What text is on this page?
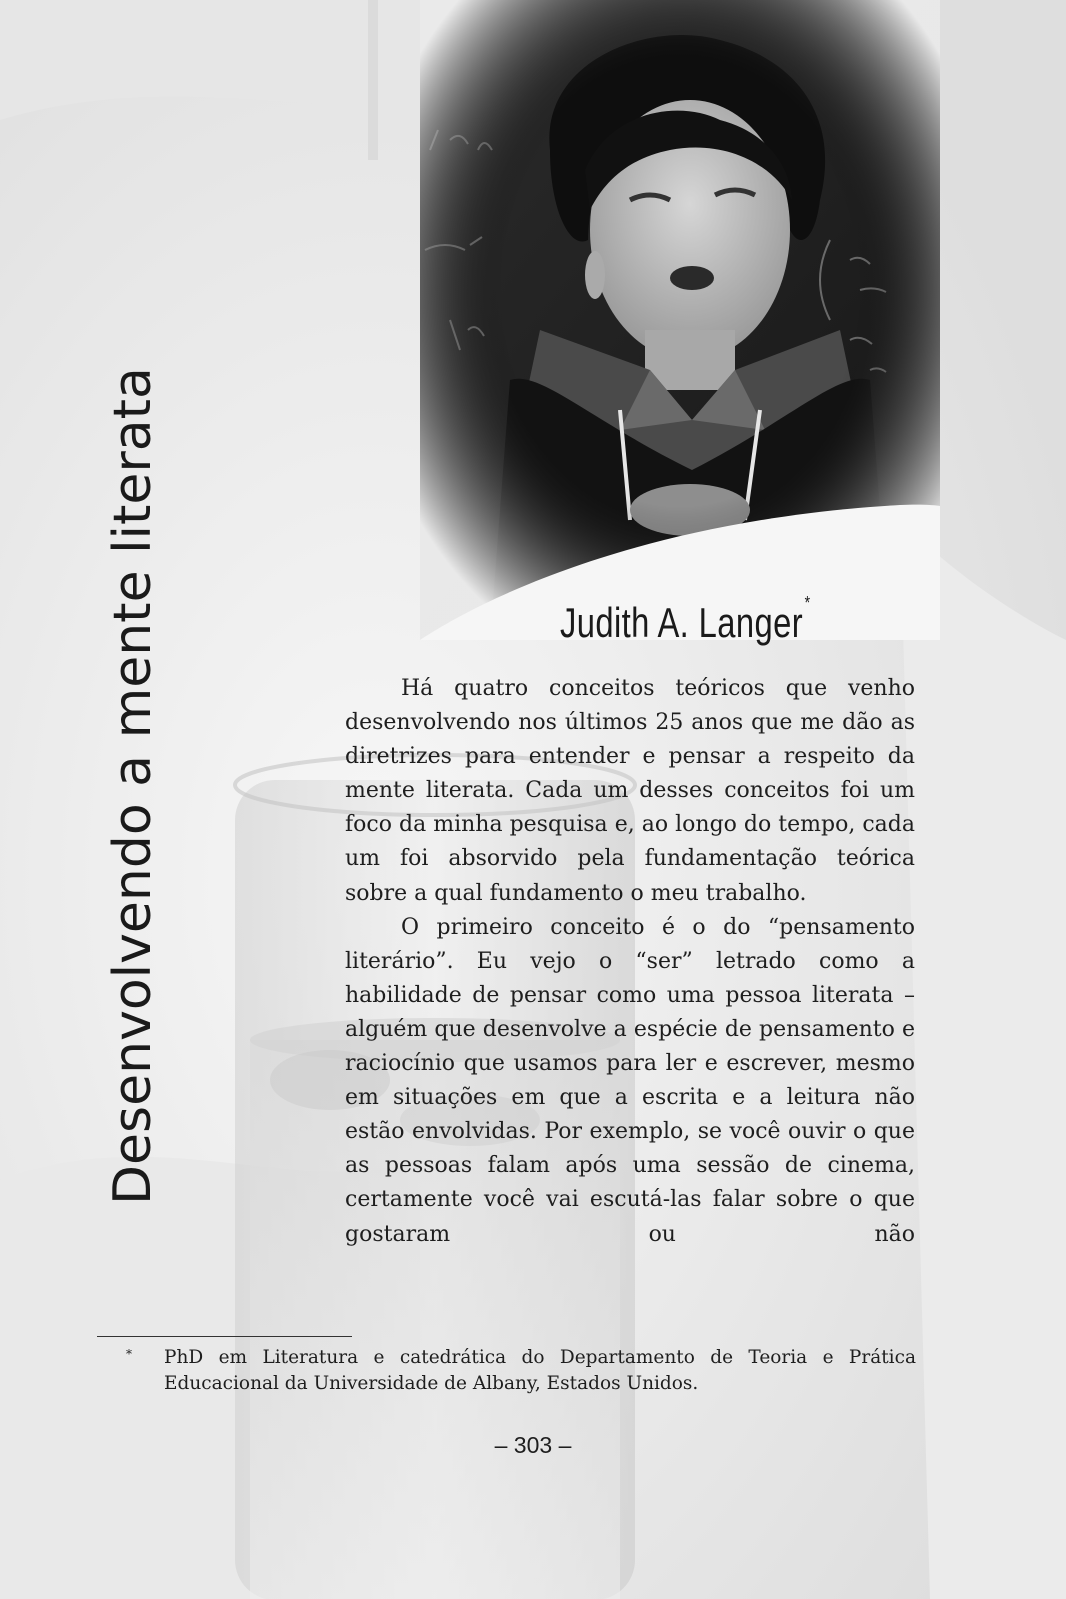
Desenvolvendo a mente literata	Judith A. Langer*

Há quatro conceitos teóricos que venho desenvolvendo nos últimos 25 anos que me dão as diretrizes para entender e pensar a respeito da mente literata. Cada um desses conceitos foi um foco da minha pesquisa e, ao longo do tempo, cada um foi absorvido pela fundamentação teórica sobre a qual fundamento o meu trabalho.

O primeiro conceito é o do “pensamento literário”. Eu vejo o “ser” letrado como a habilidade de pensar como uma pessoa literata – alguém que desenvolve a espécie de pensamento e raciocínio que usamos para ler e escrever, mesmo em situações em que a escrita e a leitura não estão envolvidas. Por exemplo, se você ouvir o que as pessoas falam após uma sessão de cinema, certamente você vai escutá-las falar sobre o que gostaram ou não

* PhD em Literatura e catedrática do Departamento de Teoria e Prática Educacional da Universidade de Albany, Estados Unidos.
– 303 –
